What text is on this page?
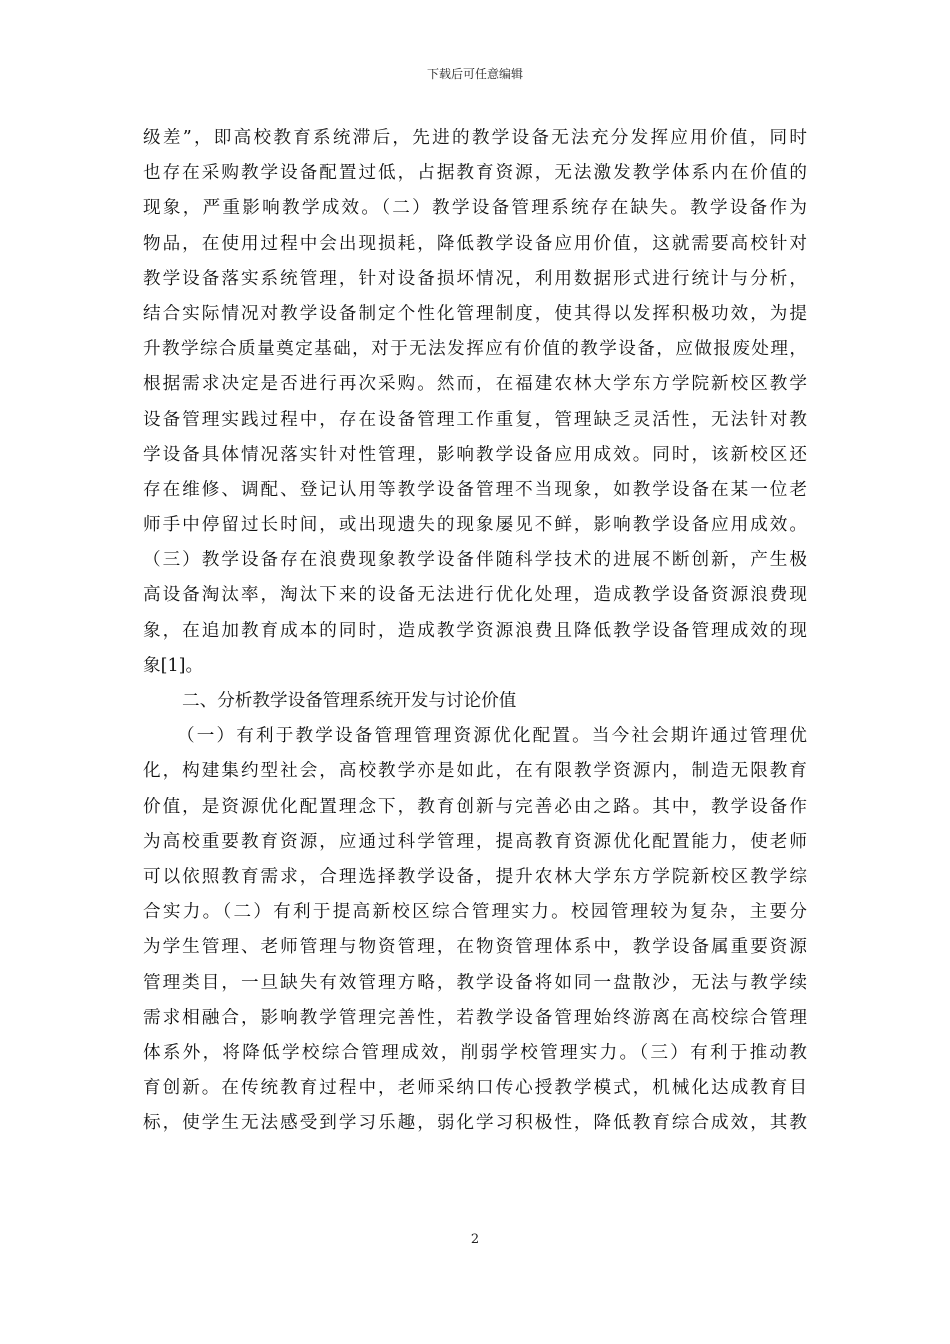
下载后可任意编辑
级差”，即高校教育系统滞后，先进的教学设备无法充分发挥应用价值，同时
也存在采购教学设备配置过低，占据教育资源，无法激发教学体系内在价值的
现象，严重影响教学成效。（二）教学设备管理系统存在缺失。教学设备作为
物品，在使用过程中会出现损耗，降低教学设备应用价值，这就需要高校针对
教学设备落实系统管理，针对设备损坏情况，利用数据形式进行统计与分析，
结合实际情况对教学设备制定个性化管理制度，使其得以发挥积极功效，为提
升教学综合质量奠定基础，对于无法发挥应有价值的教学设备，应做报废处理，
根据需求决定是否进行再次采购。然而，在福建农林大学东方学院新校区教学
设备管理实践过程中，存在设备管理工作重复，管理缺乏灵活性，无法针对教
学设备具体情况落实针对性管理，影响教学设备应用成效。同时，该新校区还
存在维修、调配、登记认用等教学设备管理不当现象，如教学设备在某一位老
师手中停留过长时间，或出现遗失的现象屡见不鲜，影响教学设备应用成效。
（三）教学设备存在浪费现象教学设备伴随科学技术的进展不断创新，产生极
高设备淘汰率，淘汰下来的设备无法进行优化处理，造成教学设备资源浪费现
象，在追加教育成本的同时，造成教学资源浪费且降低教学设备管理成效的现
象[1]。
二、分析教学设备管理系统开发与讨论价值
（一）有利于教学设备管理管理资源优化配置。当今社会期许通过管理优
化，构建集约型社会，高校教学亦是如此，在有限教学资源内，制造无限教育
价值，是资源优化配置理念下，教育创新与完善必由之路。其中，教学设备作
为高校重要教育资源，应通过科学管理，提高教育资源优化配置能力，使老师
可以依照教育需求，合理选择教学设备，提升农林大学东方学院新校区教学综
合实力。（二）有利于提高新校区综合管理实力。校园管理较为复杂，主要分
为学生管理、老师管理与物资管理，在物资管理体系中，教学设备属重要资源
管理类目，一旦缺失有效管理方略，教学设备将如同一盘散沙，无法与教学续
需求相融合，影响教学管理完善性，若教学设备管理始终游离在高校综合管理
体系外，将降低学校综合管理成效，削弱学校管理实力。（三）有利于推动教
育创新。在传统教育过程中，老师采纳口传心授教学模式，机械化达成教育目
标，使学生无法感受到学习乐趣，弱化学习积极性，降低教育综合成效，其教
2
